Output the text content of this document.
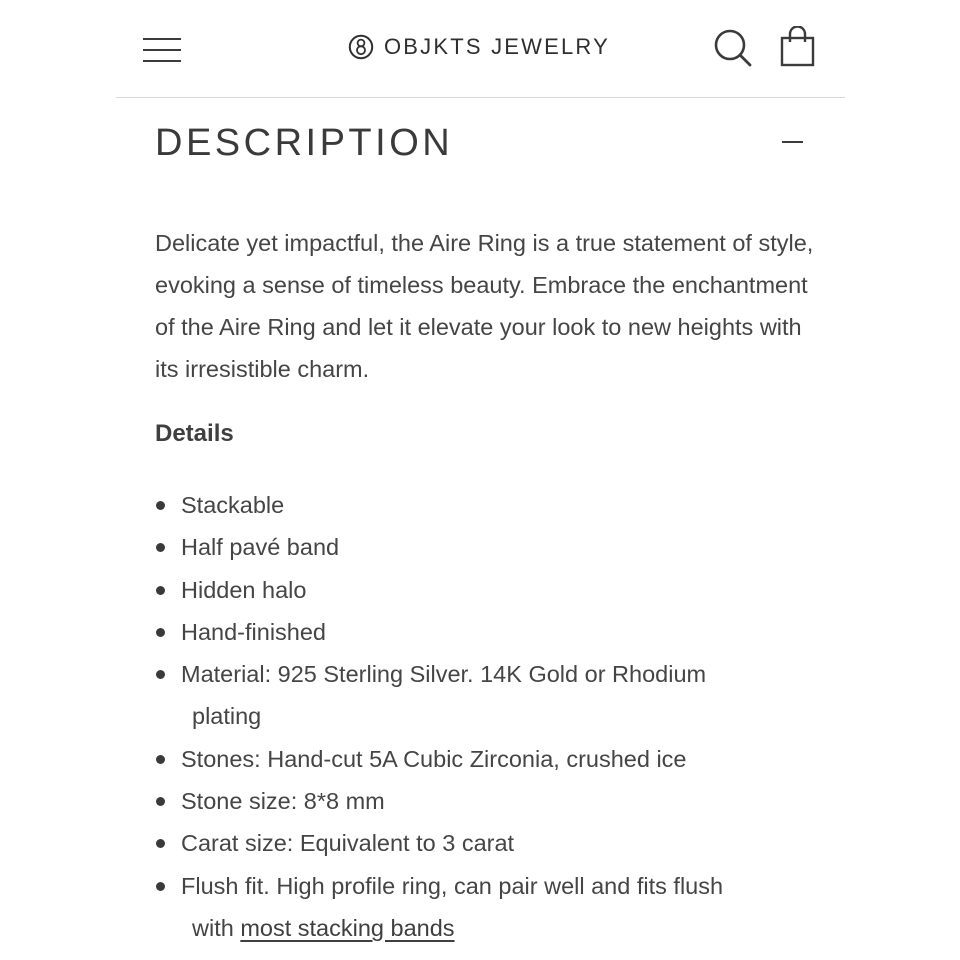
OBJKTS JEWELRY
DESCRIPTION

Delicate yet impactful, the Aire Ring is a true statement of style, evoking a sense of timeless beauty. Embrace the enchantment of the Aire Ring and let it elevate your look to new heights with its irresistible charm.

Details
Stackable
Half pavé band
Hidden halo
Hand-finished
Material: 925 Sterling Silver. 14K Gold or Rhodium
plating
Stones: Hand-cut 5A Cubic Zirconia, crushed ice
Stone size: 8*8 mm
Carat size: Equivalent to 3 carat
Flush fit. High profile ring, can pair well and fits flush
with most stacking bands
